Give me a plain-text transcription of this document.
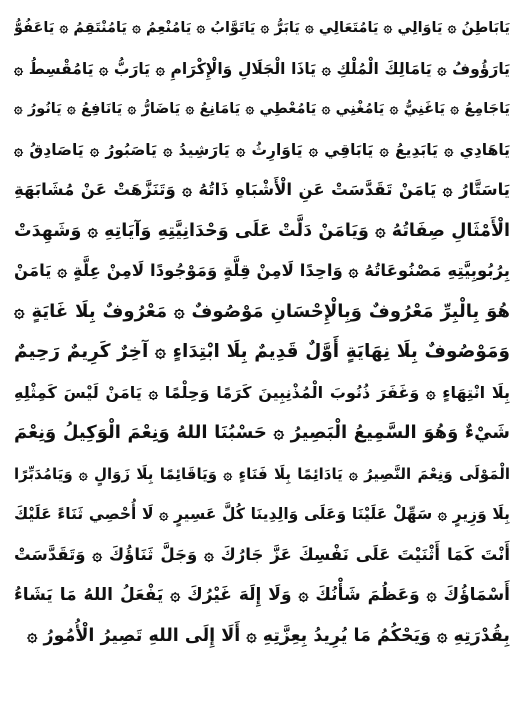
يَابَاطِنُ ۞ يَاوَالِي ۞ يَامُتَعَالِي ۞ يَابَرُّ ۞ يَاتَوَّابُ ۞ يَامُنْعِمُ ۞ يَامُنْتَقِمُ ۞ يَاعَفُوُّ
يَارَؤُوفُ ۞ يَامَالِكَ الْمُلْكِ ۞ يَاذَا الْجَلَالِ وَالْإِكْرَامِ ۞ يَارَبُّ ۞ يَامُقْسِطُ ۞
يَاجَامِعُ ۞ يَاغَنِيُّ ۞ يَامُغْنِي ۞ يَامُعْطِي ۞ يَامَانِعُ ۞ يَاضَارُّ ۞ يَانَافِعُ ۞ يَانُورُ ۞
يَاهَادِي ۞ يَابَدِيعُ ۞ يَابَاقِي ۞ يَاوَارِثُ ۞ يَارَشِيدُ ۞ يَاصَبُورُ ۞ يَاصَادِقُ ۞
يَاسَتَّارُ ۞ يَامَنْ تَقَدَّسَتْ عَنِ الْأَشْبَاهِ ذَاتُهُ ۞ وَتَنَزَّهَتْ عَنْ مُشَابَهَةِ
الْأَمْثَالِ صِفَاتُهُ ۞ وَيَامَنْ دَلَّتْ عَلَى وَحْدَانِيَّتِهِ وَآيَاتِهِ ۞ وَشَهِدَتْ
بِرُبُوبِيَّتِهِ مَصْنُوعَاتُهُ ۞ وَاحِدًا لَامِنْ قِلَّةٍ وَمَوْجُودًا لَامِنْ عِلَّةٍ ۞ يَامَنْ
هُوَ بِالْبِرِّ مَعْرُوفٌ وَبِالْإِحْسَانِ مَوْصُوفٌ ۞ مَعْرُوفٌ بِلَا غَايَةٍ ۞
وَمَوْصُوفٌ بِلَا نِهَايَةٍ أَوَّلٌ قَدِيمٌ بِلَا ابْتِدَاءٍ ۞ آخِرٌ كَرِيمٌ رَحِيمٌ
بِلَا انْتِهَاءٍ ۞ وَغَفَرَ ذُنُوبَ الْمُذْنِبِينَ كَرَمًا وَحِلْمًا ۞ يَامَنْ لَيْسَ كَمِثْلِهِ
شَيْءٌ وَهُوَ السَّمِيعُ الْبَصِيرُ ۞ حَسْبُنَا اللهُ وَنِعْمَ الْوَكِيلُ وَنِعْمَ
الْمَوْلَى وَنِعْمَ النَّصِيرُ ۞ يَادَائِمًا بِلَا فَنَاءٍ ۞ وَيَاقَائِمًا بِلَا زَوَالٍ ۞ وَيَامُدَبِّرًا
بِلَا وَزِيرٍ ۞ سَهِّلْ عَلَيْنَا وَعَلَى وَالِدِينَا كُلَّ عَسِيرٍ ۞ لَا أُحْصِي ثَنَاءً عَلَيْكَ
أَنْتَ كَمَا أَثْنَيْتَ عَلَى نَفْسِكَ عَزَّ جَارُكَ ۞ وَجَلَّ ثَنَاؤُكَ ۞ وَتَقَدَّسَتْ
أَسْمَاؤُكَ ۞ وَعَظُمَ شَأْنُكَ ۞ وَلَا إِلَهَ غَيْرُكَ ۞ يَفْعَلُ اللهُ مَا يَشَاءُ
بِقُدْرَتِهِ ۞ وَيَحْكُمُ مَا يُرِيدُ بِعِزَّتِهِ ۞ أَلَا إِلَى اللهِ تَصِيرُ الْأُمُورُ ۞
